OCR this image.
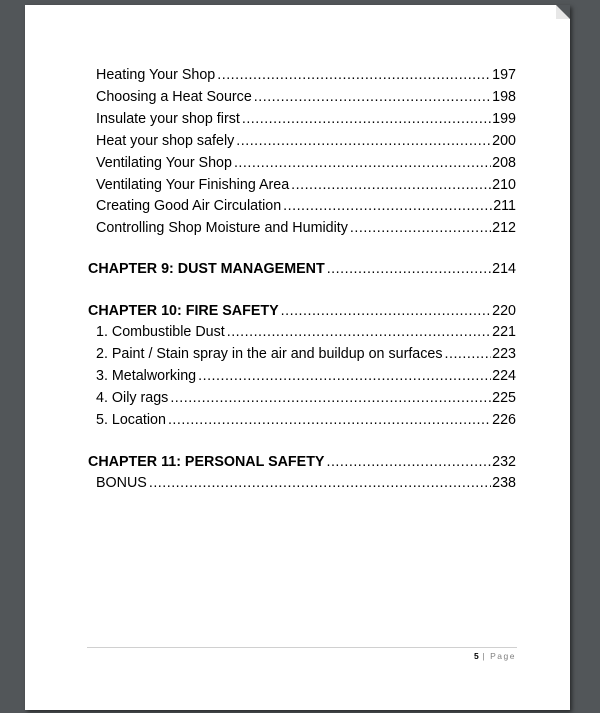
Heating Your Shop .....	197
Choosing a Heat Source .....	198
Insulate your shop first .....	199
Heat your shop safely .....	200
Ventilating Your Shop .....	208
Ventilating Your Finishing Area .....	210
Creating Good Air Circulation .....	211
Controlling Shop Moisture and Humidity .....	212
CHAPTER 9: DUST MANAGEMENT .....	214
CHAPTER 10: FIRE SAFETY .....	220
1. Combustible Dust .....	221
2. Paint / Stain spray in the air and buildup on surfaces .....	223
3. Metalworking .....	224
4. Oily rags .....	225
5. Location .....	226
CHAPTER 11: PERSONAL SAFETY .....	232
BONUS .....	238
5 | Page
